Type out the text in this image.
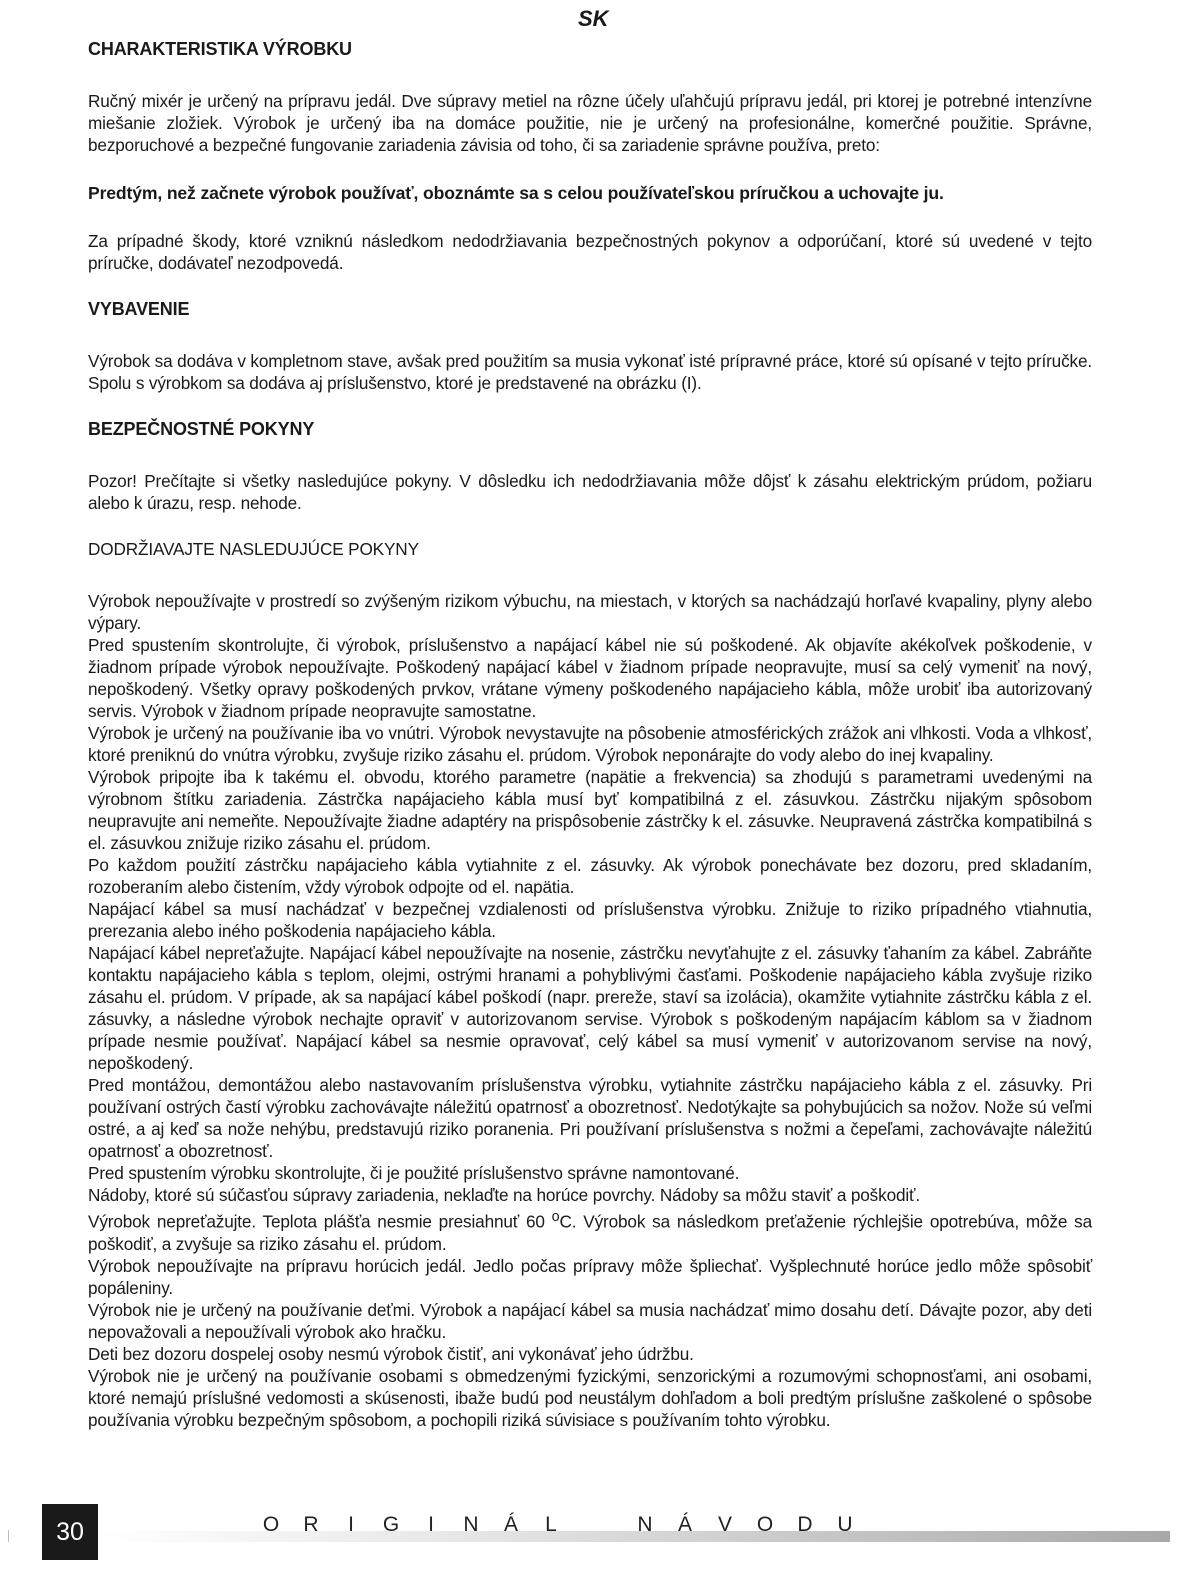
SK

CHARAKTERISTIKA VÝROBKU

Ručný mixér je určený na prípravu jedál. Dve súpravy metiel na rôzne účely uľahčujú prípravu jedál, pri ktorej je potrebné intenzívne miešanie zložiek. Výrobok je určený iba na domáce použitie, nie je určený na profesionálne, komerčné použitie. Správne, bezporuchové a bezpečné fungovanie zariadenia závisia od toho, či sa zariadenie správne používa, preto:

Predtým, než začnete výrobok používať, oboznámte sa s celou používateľskou príručkou a uchovajte ju.

Za prípadné škody, ktoré vzniknú následkom nedodržiavania bezpečnostných pokynov a odporúčaní, ktoré sú uvedené v tejto príručke, dodávateľ nezodpovedá.

VYBAVENIE

Výrobok sa dodáva v kompletnom stave, avšak pred použitím sa musia vykonať isté prípravné práce, ktoré sú opísané v tejto príručke. Spolu s výrobkom sa dodáva aj príslušenstvo, ktoré je predstavené na obrázku (I).

BEZPEČNOSTNÉ POKYNY

Pozor! Prečítajte si všetky nasledujúce pokyny. V dôsledku ich nedodržiavania môže dôjsť k zásahu elektrickým prúdom, požiaru alebo k úrazu, resp. nehode.

DODRŽIAVAJTE NASLEDUJÚCE POKYNY

Výrobok nepoužívajte v prostredí so zvýšeným rizikom výbuchu, na miestach, v ktorých sa nachádzajú horľavé kvapaliny, plyny alebo výpary.

Pred spustením skontrolujte, či výrobok, príslušenstvo a napájací kábel nie sú poškodené. Ak objavíte akékoľvek poškodenie, v žiadnom prípade výrobok nepoužívajte. Poškodený napájací kábel v žiadnom prípade neopravujte, musí sa celý vymeniť na nový, nepoškodený. Všetky opravy poškodených prvkov, vrátane výmeny poškodeného napájacieho kábla, môže urobiť iba autorizovaný servis. Výrobok v žiadnom prípade neopravujte samostatne.

Výrobok je určený na používanie iba vo vnútri. Výrobok nevystavujte na pôsobenie atmosférických zrážok ani vlhkosti. Voda a vlhkosť, ktoré preniknú do vnútra výrobku, zvyšuje riziko zásahu el. prúdom. Výrobok neponárajte do vody alebo do inej kvapaliny.

Výrobok pripojte iba k takému el. obvodu, ktorého parametre (napätie a frekvencia) sa zhodujú s parametrami uvedenými na výrobnom štítku zariadenia. Zástrčka napájacieho kábla musí byť kompatibilná z el. zásuvkou. Zástrčku nijakým spôsobom neupravujte ani nemeňte. Nepoužívajte žiadne adaptéry na prispôsobenie zástrčky k el. zásuvke. Neupravená zástrčka kompatibilná s el. zásuvkou znižuje riziko zásahu el. prúdom.

Po každom použití zástrčku napájacieho kábla vytiahnite z el. zásuvky. Ak výrobok ponechávate bez dozoru, pred skladaním, rozoberaním alebo čistením, vždy výrobok odpojte od el. napätia.

Napájací kábel sa musí nachádzať v bezpečnej vzdialenosti od príslušenstva výrobku. Znižuje to riziko prípadného vtiahnutia, prerezania alebo iného poškodenia napájacieho kábla.

Napájací kábel nepreťažujte. Napájací kábel nepoužívajte na nosenie, zástrčku nevyťahujte z el. zásuvky ťahaním za kábel. Zabráňte kontaktu napájacieho kábla s teplom, olejmi, ostrými hranami a pohyblivými časťami. Poškodenie napájacieho kábla zvyšuje riziko zásahu el. prúdom. V prípade, ak sa napájací kábel poškodí (napr. prereže, staví sa izolácia), okamžite vytiahnite zástrčku kábla z el. zásuvky, a následne výrobok nechajte opraviť v autorizovanom servise. Výrobok s poškodeným napájacím káblom sa v žiadnom prípade nesmie používať. Napájací kábel sa nesmie opravovať, celý kábel sa musí vymeniť v autorizovanom servise na nový, nepoškodený.

Pred montážou, demontážou alebo nastavovaním príslušenstva výrobku, vytiahnite zástrčku napájacieho kábla z el. zásuvky. Pri používaní ostrých častí výrobku zachovávajte náležitú opatrnosť a obozretnosť. Nedotýkajte sa pohybujúcich sa nožov. Nože sú veľmi ostré, a aj keď sa nože nehýbu, predstavujú riziko poranenia. Pri používaní príslušenstva s nožmi a čepeľami, zachovávajte náležitú opatrnosť a obozretnosť.

Pred spustením výrobku skontrolujte, či je použité príslušenstvo správne namontované.

Nádoby, ktoré sú súčasťou súpravy zariadenia, neklaďte na horúce povrchy. Nádoby sa môžu staviť a poškodiť.

Výrobok nepreťažujte. Teplota plášťa nesmie presiahnuť 60 $^o$C. Výrobok sa následkom preťaženie rýchlejšie opotrebúva, môže sa poškodiť, a zvyšuje sa riziko zásahu el. prúdom.

Výrobok nepoužívajte na prípravu horúcich jedál. Jedlo počas prípravy môže špliechať. Vyšplechnuté horúce jedlo môže spôsobiť popáleniny.

Výrobok nie je určený na používanie deťmi. Výrobok a napájací kábel sa musia nachádzať mimo dosahu detí. Dávajte pozor, aby deti nepovažovali a nepoužívali výrobok ako hračku.

Deti bez dozoru dospelej osoby nesmú výrobok čistiť, ani vykonávať jeho údržbu.

Výrobok nie je určený na používanie osobami s obmedzenými fyzickými, senzorickými a rozumovými schopnosťami, ani osobami, ktoré nemajú príslušné vedomosti a skúsenosti, ibaže budú pod neustálym dohľadom a boli predtým príslušne zaškolené o spôsobe používania výrobku bezpečným spôsobom, a pochopili riziká súvisiace s používaním tohto výrobku.

30	O R I G I N Á L	N Á V O D U
